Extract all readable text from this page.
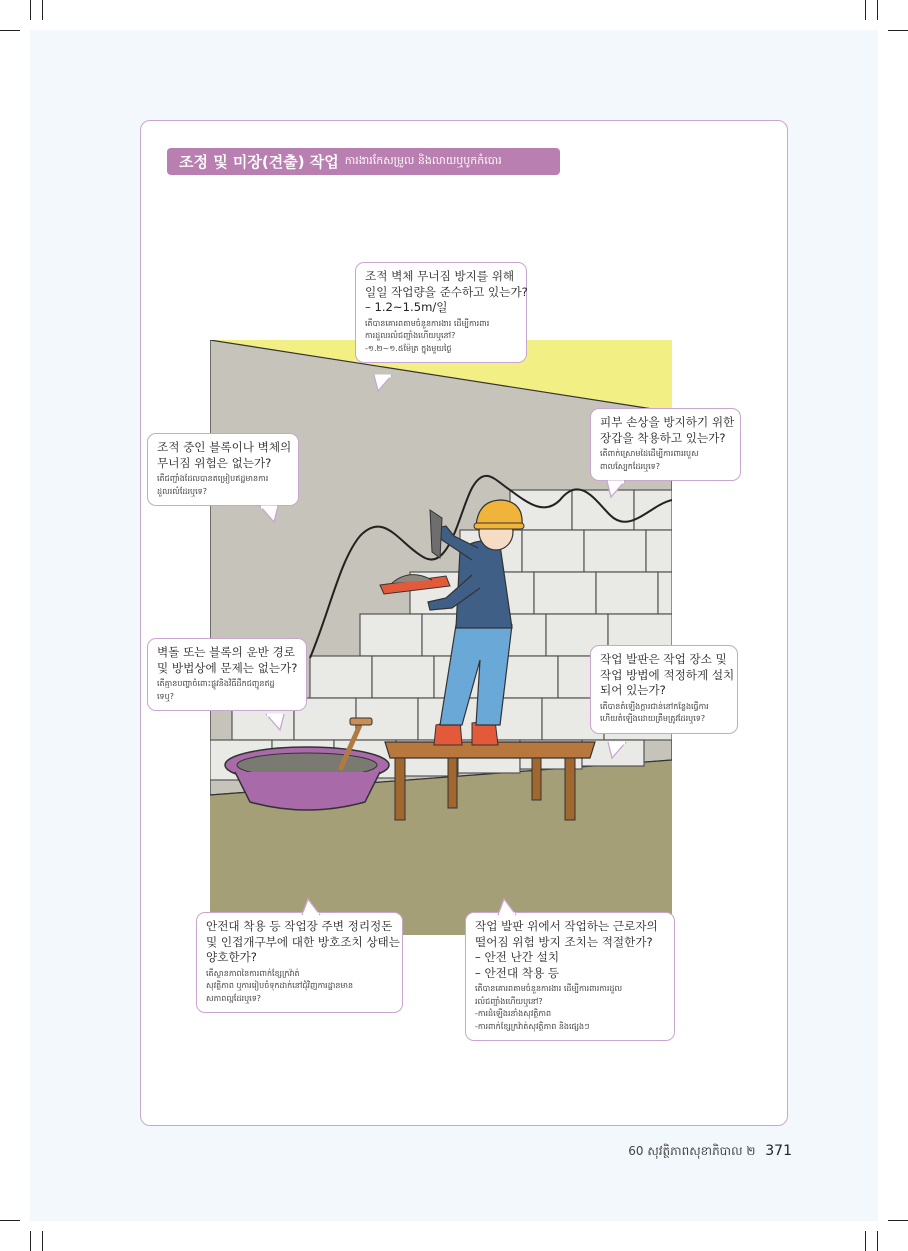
조정 및 미장(견출) 작업 ការងារកែសម្រួល និងលាយឬបូកកំបោរ
조적 벽체 무너짐 방지를 위해
일일 작업량을 준수하고 있는가?
– 1.2~1.5m/일
តើបានគោរពតាមចំនួនការងារ ដើម្បីការពារ
ការដួលរលំជញ្ជាំងហើយឬនៅ?
-១.២~១.៥ម៉ែត្រ ក្នុងមួយថ្ងៃ
피부 손상을 방지하기 위한
장갑을 착용하고 있는가?
តើពាក់ស្រោមដៃដើម្បីការពាររបួស
ពាលស្បែកដែរឬទេ?
조적 중인 블록이나 벽체의
무너짐 위험은 없는가?
តើជញ្ជាំងដែលបានតម្រៀបឥដ្ឋមានការ
ដួលរលំដែរឬទេ?
벽돌 또는 블록의 운반 경로
및 방법상에 문제는 없는가?
តើគ្មានបញ្ហាចំពោះផ្លូវនិងវិធីដឹកជញ្ជូនឥដ្ឋ
ទេឬ?
작업 발판은 작업 장소 및
작업 방법에 적정하게 설치
되어 있는가?
តើបានតំឡើងក្តារជាន់នៅកន្លែងធ្វើការ
ហើយតំឡើងដោយត្រឹមត្រូវដែរឬទេ?
안전대 착용 등 작업장 주변 정리정돈
및 인접개구부에 대한 방호조치 상태는
양호한가?
តើស្ថានភាពនៃការពាក់ខ្សែក្រវ៉ាត់
សុវត្ថិភាព ឬការរៀបចំទុកដាក់នៅជុំវិញការដ្ឋានមាន
សភាពល្អដែរឬទេ?
작업 발판 위에서 작업하는 근로자의
떨어짐 위험 방지 조치는 적절한가?
– 안전 난간 설치
– 안전대 착용 등
តើបានគោរពតាមចំនួនការងារ ដើម្បីការពារការដួល
រលំជញ្ជាំងហើយឬនៅ?
-ការដំឡើងរនាំងសុវត្ថិភាព
-ការពាក់ខ្សែក្រវ៉ាត់សុវត្ថិភាព និងផ្សេងៗ
60 សុវត្ថិភាពសុខាភិបាល ២ 371
